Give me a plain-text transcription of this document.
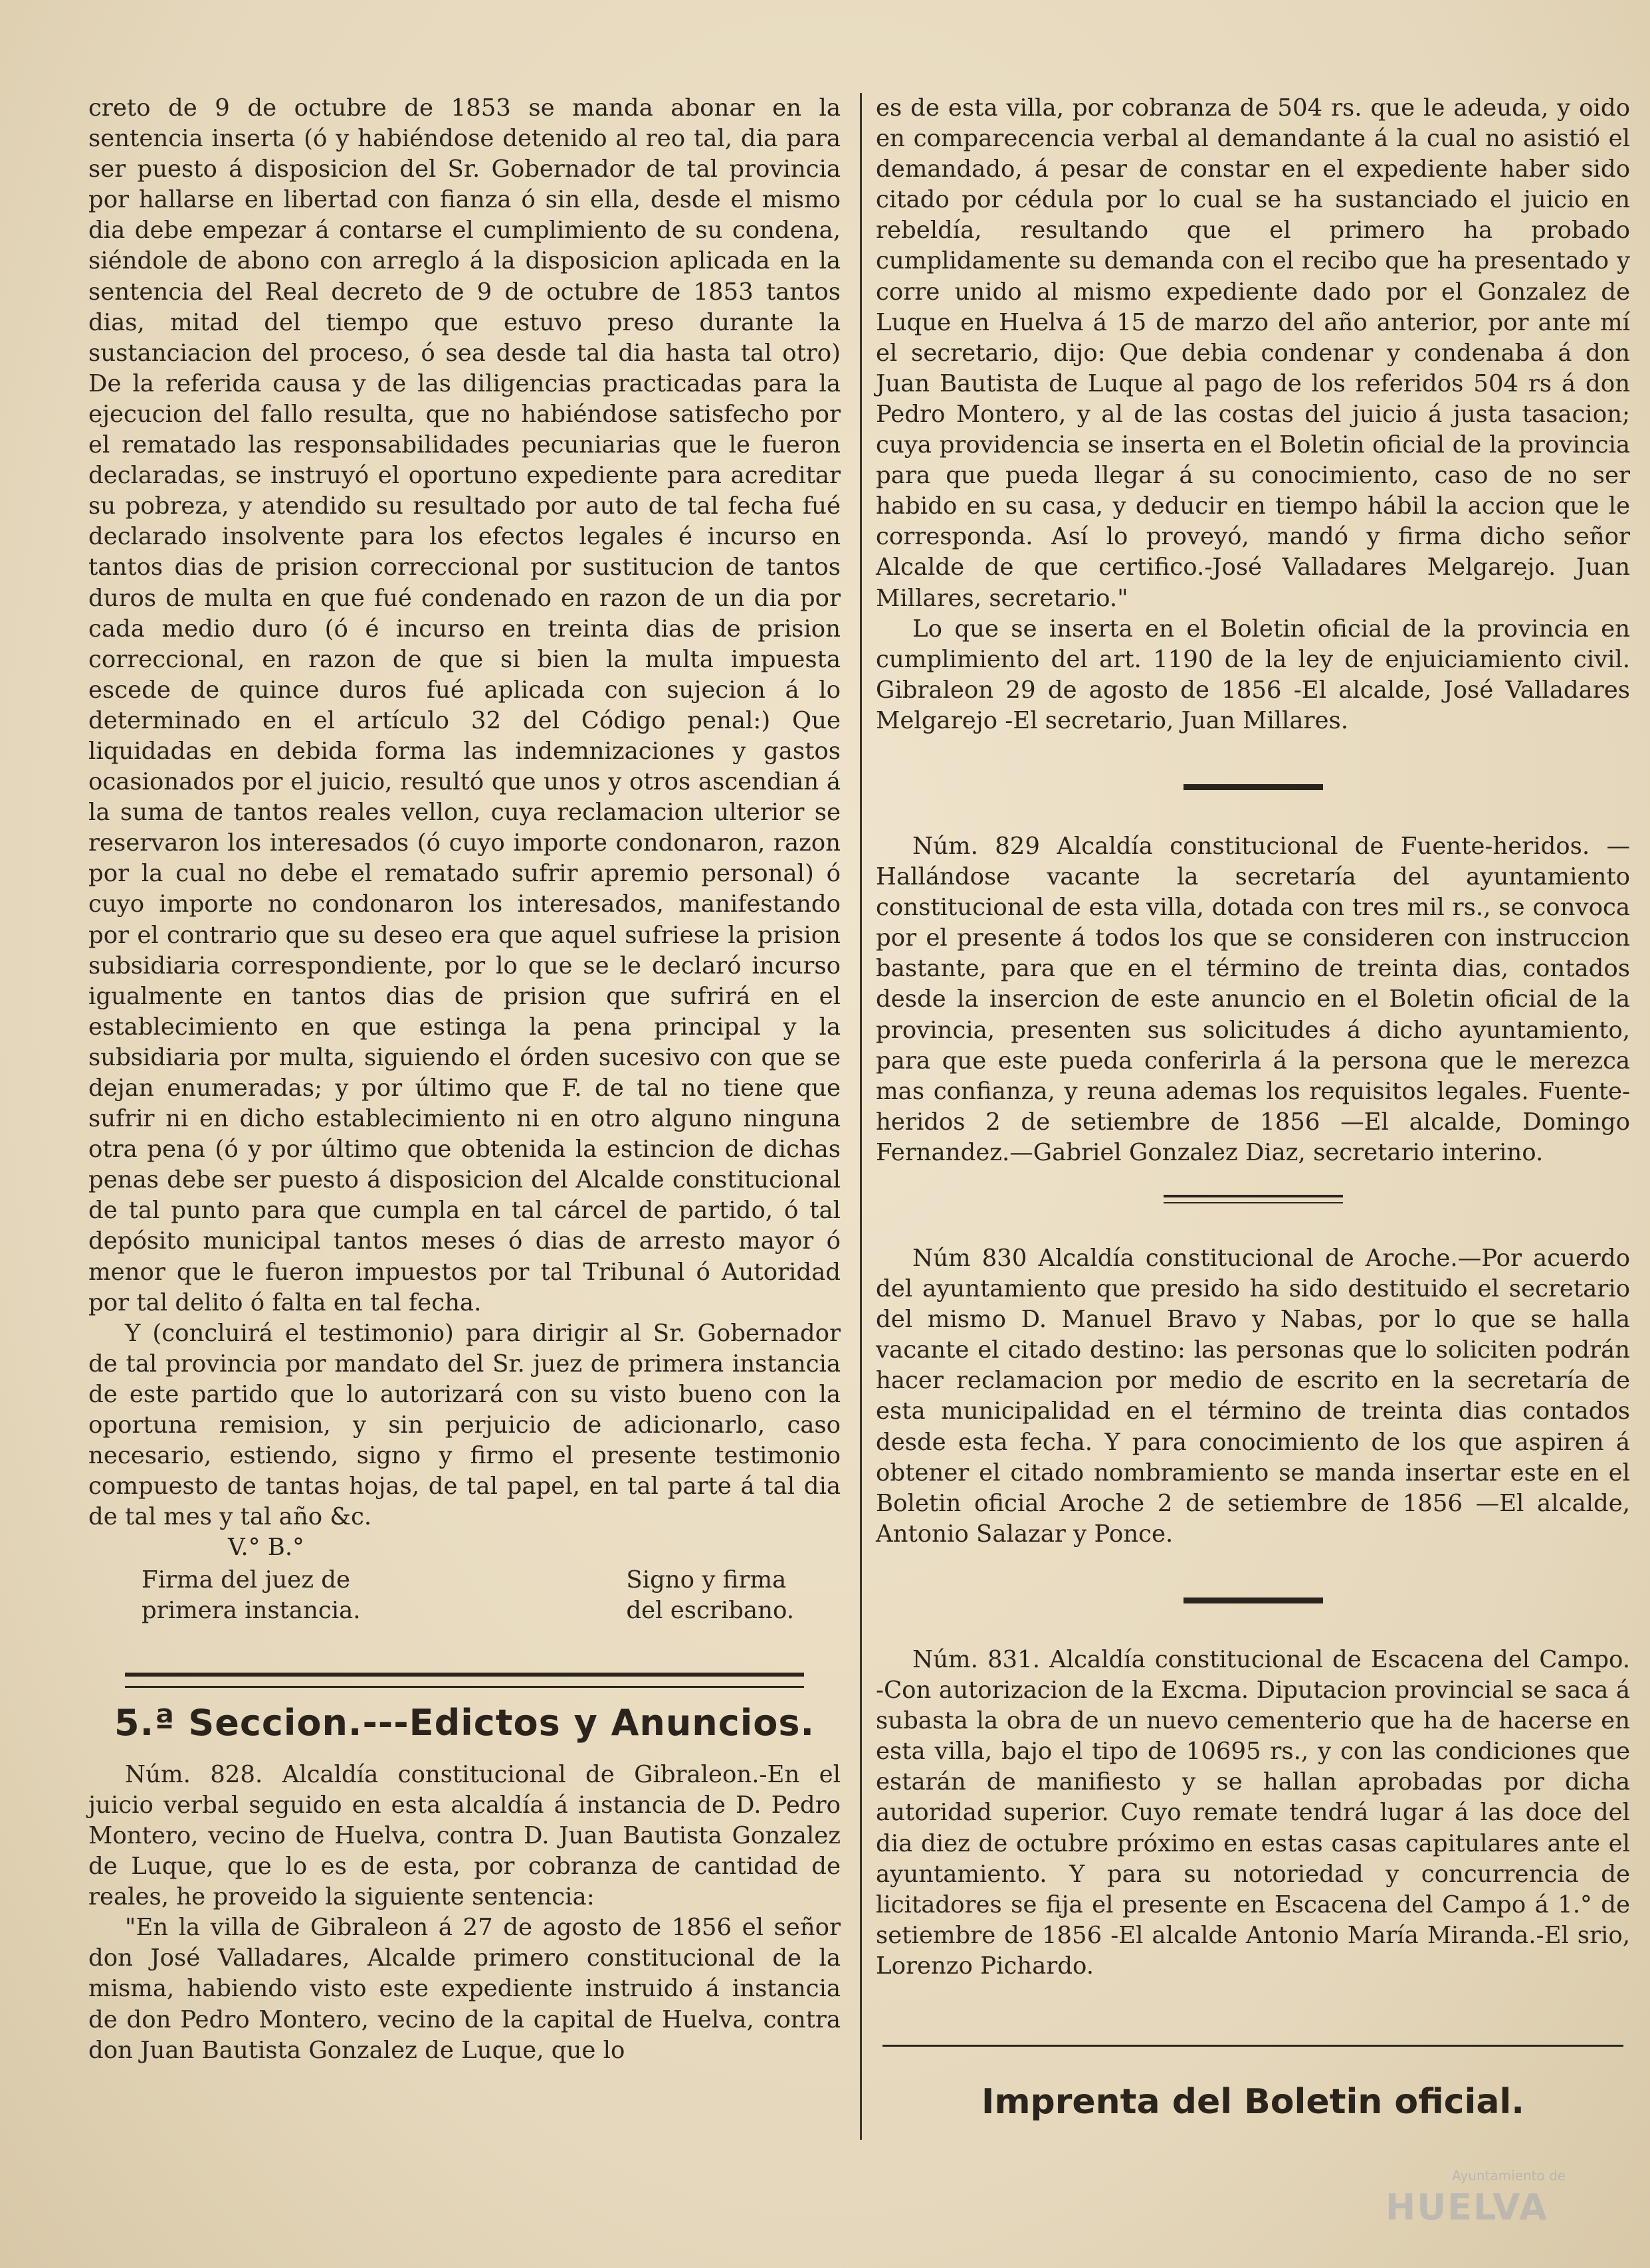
creto de 9 de octubre de 1853 se manda abonar en la sentencia inserta (ó y habiéndose detenido al reo tal, dia para ser puesto á disposicion del Sr. Gobernador de tal provincia por hallarse en libertad con fianza ó sin ella, desde el mismo dia debe empezar á contarse el cumplimiento de su condena, siéndole de abono con arreglo á la disposicion aplicada en la sentencia del Real decreto de 9 de octubre de 1853 tantos dias, mitad del tiempo que estuvo preso durante la sustanciacion del proceso, ó sea desde tal dia hasta tal otro) De la referida causa y de las diligencias practicadas para la ejecucion del fallo resulta, que no habiéndose satisfecho por el rematado las responsabilidades pecuniarias que le fueron declaradas, se instruyó el oportuno expediente para acreditar su pobreza, y atendido su resultado por auto de tal fecha fué declarado insolvente para los efectos legales é incurso en tantos dias de prision correccional por sustitucion de tantos duros de multa en que fué condenado en razon de un dia por cada medio duro (ó é incurso en treinta dias de prision correccional, en razon de que si bien la multa impuesta escede de quince duros fué aplicada con sujecion á lo determinado en el artículo 32 del Código penal:) Que liquidadas en debida forma las indemnizaciones y gastos ocasionados por el juicio, resultó que unos y otros ascendian á la suma de tantos reales vellon, cuya reclamacion ulterior se reservaron los interesados (ó cuyo importe condonaron, razon por la cual no debe el rematado sufrir apremio personal) ó cuyo importe no condonaron los interesados, manifestando por el contrario que su deseo era que aquel sufriese la prision subsidiaria correspondiente, por lo que se le declaró incurso igualmente en tantos dias de prision que sufrirá en el establecimiento en que estinga la pena principal y la subsidiaria por multa, siguiendo el órden sucesivo con que se dejan enumeradas; y por último que F. de tal no tiene que sufrir ni en dicho establecimiento ni en otro alguno ninguna otra pena (ó y por último que obtenida la estincion de dichas penas debe ser puesto á disposicion del Alcalde constitucional de tal punto para que cumpla en tal cárcel de partido, ó tal depósito municipal tantos meses ó dias de arresto mayor ó menor que le fueron impuestos por tal Tribunal ó Autoridad por tal delito ó falta en tal fecha.

Y (concluirá el testimonio) para dirigir al Sr. Gobernador de tal provincia por mandato del Sr. juez de primera instancia de este partido que lo autorizará con su visto bueno con la oportuna remision, y sin perjuicio de adicionarlo, caso necesario, estiendo, signo y firmo el presente testimonio compuesto de tantas hojas, de tal papel, en tal parte á tal dia de tal mes y tal año &c.

V.° B.°

Firma del juez de
primera instancia.
Signo y firma
del escribano.
5.ª Seccion.---Edictos y Anuncios.

Núm. 828. Alcaldía constitucional de Gibraleon.-En el juicio verbal seguido en esta alcaldía á instancia de D. Pedro Montero, vecino de Huelva, contra D. Juan Bautista Gonzalez de Luque, que lo es de esta, por cobranza de cantidad de reales, he proveido la siguiente sentencia:

"En la villa de Gibraleon á 27 de agosto de 1856 el señor don José Valladares, Alcalde primero constitucional de la misma, habiendo visto este expediente instruido á instancia de don Pedro Montero, vecino de la capital de Huelva, contra don Juan Bautista Gonzalez de Luque, que lo

es de esta villa, por cobranza de 504 rs. que le adeuda, y oido en comparecencia verbal al demandante á la cual no asistió el demandado, á pesar de constar en el expediente haber sido citado por cédula por lo cual se ha sustanciado el juicio en rebeldía, resultando que el primero ha probado cumplidamente su demanda con el recibo que ha presentado y corre unido al mismo expediente dado por el Gonzalez de Luque en Huelva á 15 de marzo del año anterior, por ante mí el secretario, dijo: Que debia condenar y condenaba á don Juan Bautista de Luque al pago de los referidos 504 rs á don Pedro Montero, y al de las costas del juicio á justa tasacion; cuya providencia se inserta en el Boletin oficial de la provincia para que pueda llegar á su conocimiento, caso de no ser habido en su casa, y deducir en tiempo hábil la accion que le corresponda. Así lo proveyó, mandó y firma dicho señor Alcalde de que certifico.-José Valladares Melgarejo. Juan Millares, secretario."

Lo que se inserta en el Boletin oficial de la provincia en cumplimiento del art. 1190 de la ley de enjuiciamiento civil. Gibraleon 29 de agosto de 1856 -El alcalde, José Valladares Melgarejo -El secretario, Juan Millares.

Núm. 829 Alcaldía constitucional de Fuente-heridos. —Hallándose vacante la secretaría del ayuntamiento constitucional de esta villa, dotada con tres mil rs., se convoca por el presente á todos los que se consideren con instruccion bastante, para que en el término de treinta dias, contados desde la insercion de este anuncio en el Boletin oficial de la provincia, presenten sus solicitudes á dicho ayuntamiento, para que este pueda conferirla á la persona que le merezca mas confianza, y reuna ademas los requisitos legales. Fuente-heridos 2 de setiembre de 1856 —El alcalde, Domingo Fernandez.—Gabriel Gonzalez Diaz, secretario interino.

Núm 830 Alcaldía constitucional de Aroche.—Por acuerdo del ayuntamiento que presido ha sido destituido el secretario del mismo D. Manuel Bravo y Nabas, por lo que se halla vacante el citado destino: las personas que lo soliciten podrán hacer reclamacion por medio de escrito en la secretaría de esta municipalidad en el término de treinta dias contados desde esta fecha. Y para conocimiento de los que aspiren á obtener el citado nombramiento se manda insertar este en el Boletin oficial Aroche 2 de setiembre de 1856 —El alcalde, Antonio Salazar y Ponce.

Núm. 831. Alcaldía constitucional de Escacena del Campo. -Con autorizacion de la Excma. Diputacion provincial se saca á subasta la obra de un nuevo cementerio que ha de hacerse en esta villa, bajo el tipo de 10695 rs., y con las condiciones que estarán de manifiesto y se hallan aprobadas por dicha autoridad superior. Cuyo remate tendrá lugar á las doce del dia diez de octubre próximo en estas casas capitulares ante el ayuntamiento. Y para su notoriedad y concurrencia de licitadores se fija el presente en Escacena del Campo á 1.° de setiembre de 1856 -El alcalde Antonio María Miranda.-El srio, Lorenzo Pichardo.

Imprenta del Boletin oficial.
Ayuntamiento de
HUELVA
